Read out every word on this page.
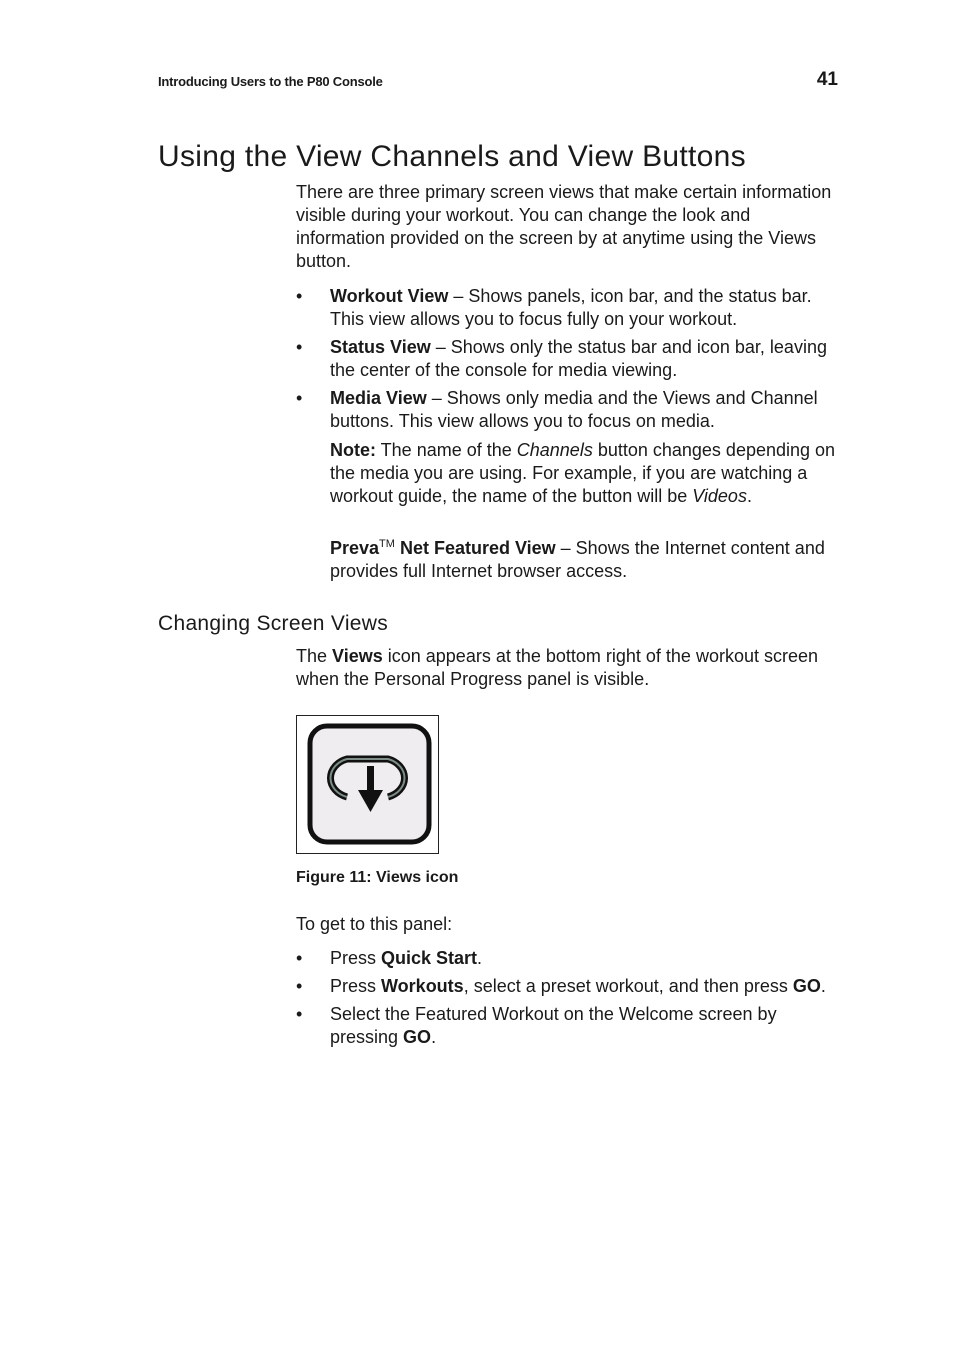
Introducing Users to the P80 Console	41
Using the View Channels and View Buttons

There are three primary screen views that make certain information visible during your workout. You can change the look and information provided on the screen by at anytime using the Views button.

• Workout View – Shows panels, icon bar, and the status bar. This view allows you to focus fully on your workout.
• Status View – Shows only the status bar and icon bar, leaving the center of the console for media viewing.
• Media View – Shows only media and the Views and Channel buttons. This view allows you to focus on media.

Note: The name of the Channels button changes depending on the media you are using. For example, if you are watching a workout guide, the name of the button will be Videos.

Preva™ Net Featured View – Shows the Internet content and provides full Internet browser access.

Changing Screen Views

The Views icon appears at the bottom right of the workout screen when the Personal Progress panel is visible.

Figure 11: Views icon

To get to this panel:

• Press Quick Start.
• Press Workouts, select a preset workout, and then press GO.
• Select the Featured Workout on the Welcome screen by pressing GO.
